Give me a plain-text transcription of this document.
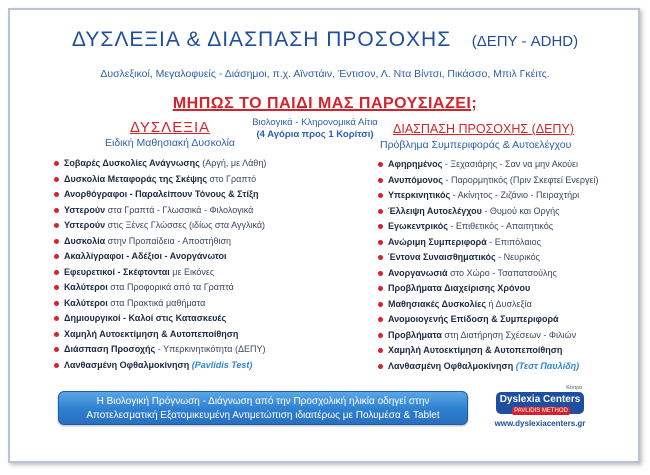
ΔΥΣΛΕΞΙΑ & ΔΙΑΣΠΑΣΗ ΠΡΟΣΟΧΗΣ (ΔΕΠΥ - ADHD)
Δυσλεξικοί, Μεγαλοφυείς - Διάσημοι, π.χ. Αϊνστάιν, Έντισον, Λ. Ντα Βίντσι, Πικάσσο, Μπιλ Γκέιτς.
ΜΗΠΩΣ ΤΟ ΠΑΙΔΙ ΜΑΣ ΠΑΡΟΥΣΙΑΖΕΙ;
ΔΥΣΛΕΞΙΑ	Βιολογικά - Κληρονομικά Αίτια
(4 Αγόρια προς 1 Κορίτσι)	ΔΙΑΣΠΑΣΗ ΠΡΟΣΟΧΗΣ (ΔΕΠΥ)
Ειδική Μαθησιακή Δυσκολία	Πρόβλημα Συμπεριφοράς & Αυτοελέγχου
Σοβαρές Δυσκολίες Ανάγνωσης (Αργή, με Λάθη)
Δυσκολία Μεταφοράς της Σκέψης στο Γραπτό
Ανορθόγραφοι - Παραλείπουν Τόνους & Στίξη
Υστερούν στα Γραπτά - Γλωσσικά - Φιλολογικά
Υστερούν στις Ξένες Γλώσσες (ιδίως στα Αγγλικά)
Δυσκολία στην Προπαίδεια - Αποστήθιση
Ακαλλίγραφοι - Αδέξιοι - Ανοργάνωτοι
Εφευρετικοί - Σκέφτονται με Εικόνες
Καλύτεροι στα Προφορικά από τα Γραπτά
Καλύτεροι στα Πρακτικά μαθήματα
Δημιουργικοί - Καλοί στις Κατασκευές
Χαμηλή Αυτοεκτίμηση & Αυτοπεποίθηση
Διάσπαση Προσοχής - Υπερκινητικότητα (ΔΕΠΥ)
Λανθασμένη Οφθαλμοκίνηση (Pavlidis Test)
Αφηρημένος - Ξεχασιάρης - Σαν να μην Ακούει
Ανυπόμονος - Παρορμητικός (Πριν Σκεφτεί Ενεργεί)
Υπερκινητικός - Ακίνητος - Ζιζάνιο - Πειραχτήρι
Έλλειψη Αυτοελέγχου - Θυμού και Οργής
Εγωκεντρικός - Επιθετικός - Απαιτητικός
Ανώριμη Συμπεριφορά - Επιπόλαιος
Έντονα Συναισθηματικός - Νευρικός
Ανοργανωσιά στο Χώρο - Τσαπατσούλης
Προβλήματα Διαχείρισης Χρόνου
Μαθησιακές Δυσκολίες ή Δυσλεξία
Ανομοιογενής Επίδοση & Συμπεριφορά
Προβλήματα στη Διατήρηση Σχέσεων - Φιλιών
Χαμηλή Αυτοεκτίμηση & Αυτοπεποίθηση
Λανθασμένη Οφθαλμοκίνηση (Τεστ Παυλίδη)
Η Βιολογική Πρόγνωση - Διάγνωση από την Προσχολική ηλικία οδηγεί στην
Αποτελεσματική Εξατομικευμένη Αντιμετώπιση ιδιαιτέρως με Πολυμέσα & Tablet
Κέντρα
Dyslexia Centers
PAVLIDIS METHOD
www.dyslexiacenters.gr
